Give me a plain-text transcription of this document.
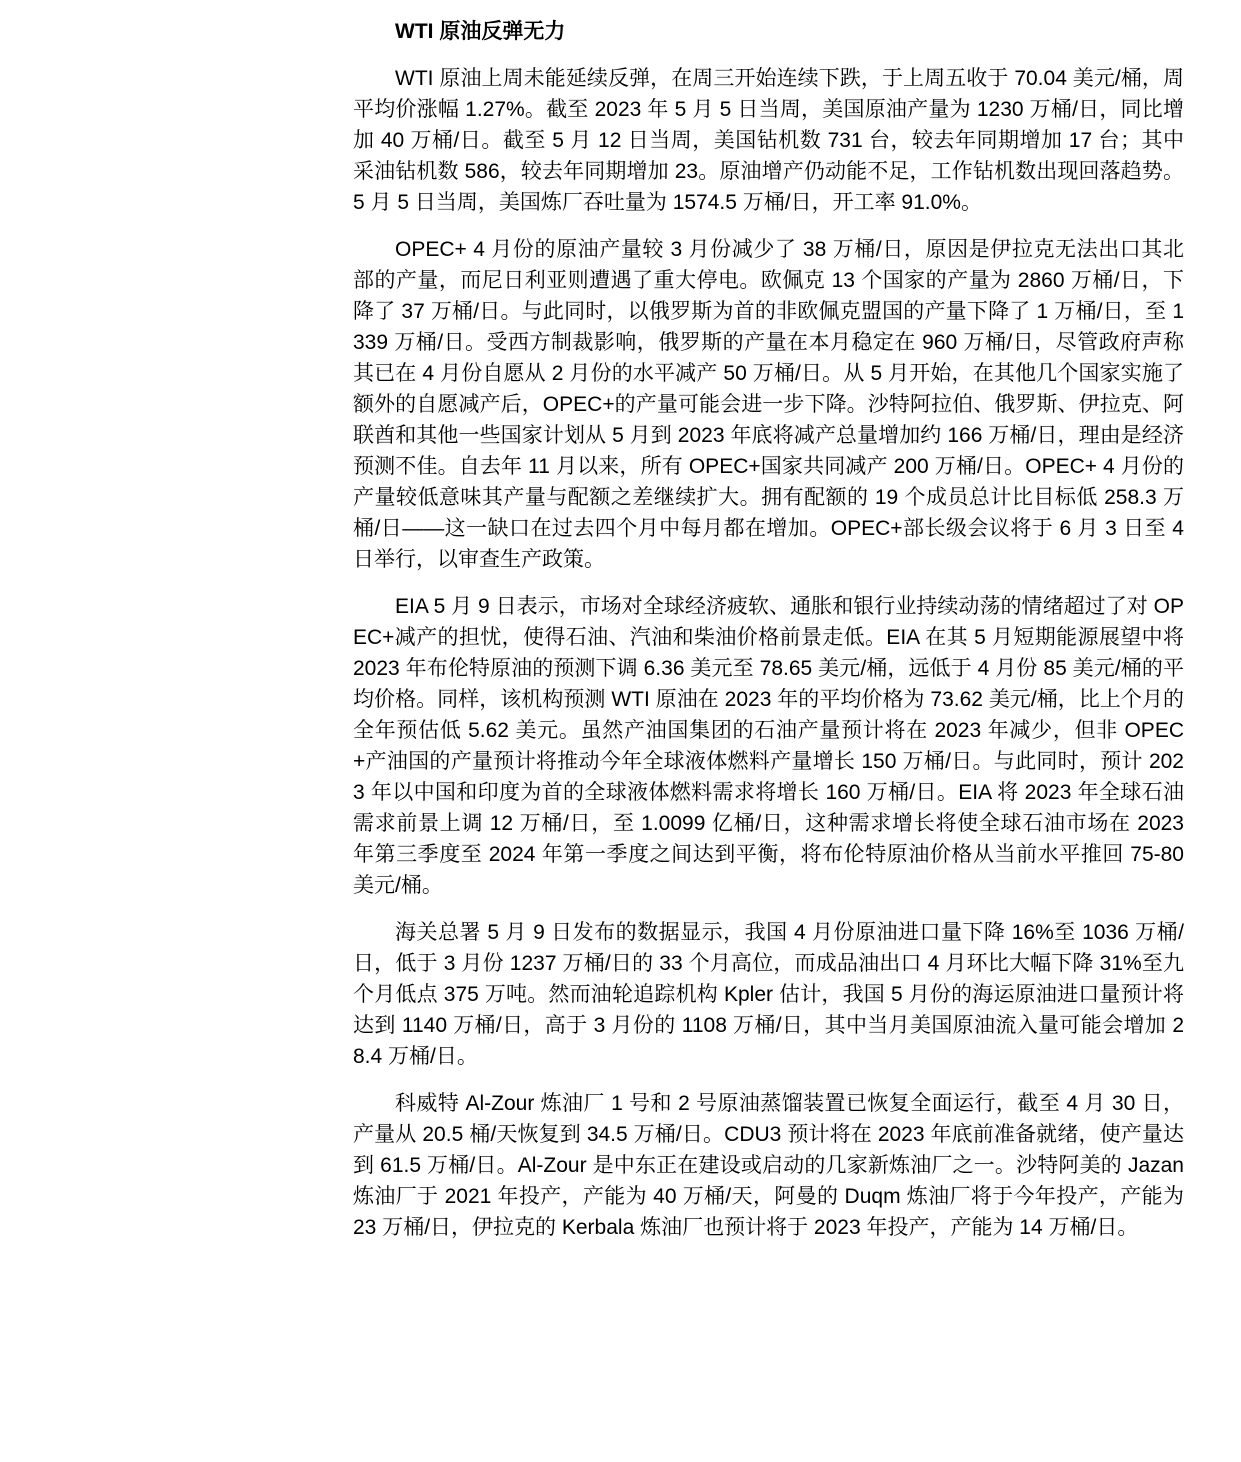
WTI 原油反弹无力

WTI 原油上周未能延续反弹，在周三开始连续下跌，于上周五收于 70.04 美元/桶，周平均价涨幅 1.27%。截至 2023 年 5 月 5 日当周，美国原油产量为 1230 万桶/日，同比增加 40 万桶/日。截至 5 月 12 日当周，美国钻机数 731 台，较去年同期增加 17 台；其中采油钻机数 586，较去年同期增加 23。原油增产仍动能不足，工作钻机数出现回落趋势。5 月 5 日当周，美国炼厂吞吐量为 1574.5 万桶/日，开工率 91.0%。

OPEC+ 4 月份的原油产量较 3 月份减少了 38 万桶/日，原因是伊拉克无法出口其北部的产量，而尼日利亚则遭遇了重大停电。欧佩克 13 个国家的产量为 2860 万桶/日，下降了 37 万桶/日。与此同时，以俄罗斯为首的非欧佩克盟国的产量下降了 1 万桶/日，至 1339 万桶/日。受西方制裁影响，俄罗斯的产量在本月稳定在 960 万桶/日，尽管政府声称其已在 4 月份自愿从 2 月份的水平减产 50 万桶/日。从 5 月开始，在其他几个国家实施了额外的自愿减产后，OPEC+的产量可能会进一步下降。沙特阿拉伯、俄罗斯、伊拉克、阿联酋和其他一些国家计划从 5 月到 2023 年底将减产总量增加约 166 万桶/日，理由是经济预测不佳。自去年 11 月以来，所有 OPEC+国家共同减产 200 万桶/日。OPEC+ 4 月份的产量较低意味其产量与配额之差继续扩大。拥有配额的 19 个成员总计比目标低 258.3 万桶/日——这一缺口在过去四个月中每月都在增加。OPEC+部长级会议将于 6 月 3 日至 4 日举行，以审查生产政策。

EIA 5 月 9 日表示，市场对全球经济疲软、通胀和银行业持续动荡的情绪超过了对 OPEC+减产的担忧，使得石油、汽油和柴油价格前景走低。EIA 在其 5 月短期能源展望中将 2023 年布伦特原油的预测下调 6.36 美元至 78.65 美元/桶，远低于 4 月份 85 美元/桶的平均价格。同样，该机构预测 WTI 原油在 2023 年的平均价格为 73.62 美元/桶，比上个月的全年预估低 5.62 美元。虽然产油国集团的石油产量预计将在 2023 年减少，但非 OPEC+产油国的产量预计将推动今年全球液体燃料产量增长 150 万桶/日。与此同时，预计 2023 年以中国和印度为首的全球液体燃料需求将增长 160 万桶/日。EIA 将 2023 年全球石油需求前景上调 12 万桶/日，至 1.0099 亿桶/日，这种需求增长将使全球石油市场在 2023 年第三季度至 2024 年第一季度之间达到平衡，将布伦特原油价格从当前水平推回 75-80 美元/桶。

海关总署 5 月 9 日发布的数据显示，我国 4 月份原油进口量下降 16%至 1036 万桶/日，低于 3 月份 1237 万桶/日的 33 个月高位，而成品油出口 4 月环比大幅下降 31%至九个月低点 375 万吨。然而油轮追踪机构 Kpler 估计，我国 5 月份的海运原油进口量预计将达到 1140 万桶/日，高于 3 月份的 1108 万桶/日，其中当月美国原油流入量可能会增加 28.4 万桶/日。

科威特 Al-Zour 炼油厂 1 号和 2 号原油蒸馏装置已恢复全面运行，截至 4 月 30 日，产量从 20.5 桶/天恢复到 34.5 万桶/日。CDU3 预计将在 2023 年底前准备就绪，使产量达到 61.5 万桶/日。Al-Zour 是中东正在建设或启动的几家新炼油厂之一。沙特阿美的 Jazan 炼油厂于 2021 年投产，产能为 40 万桶/天，阿曼的 Duqm 炼油厂将于今年投产，产能为 23 万桶/日，伊拉克的 Kerbala 炼油厂也预计将于 2023 年投产，产能为 14 万桶/日。
